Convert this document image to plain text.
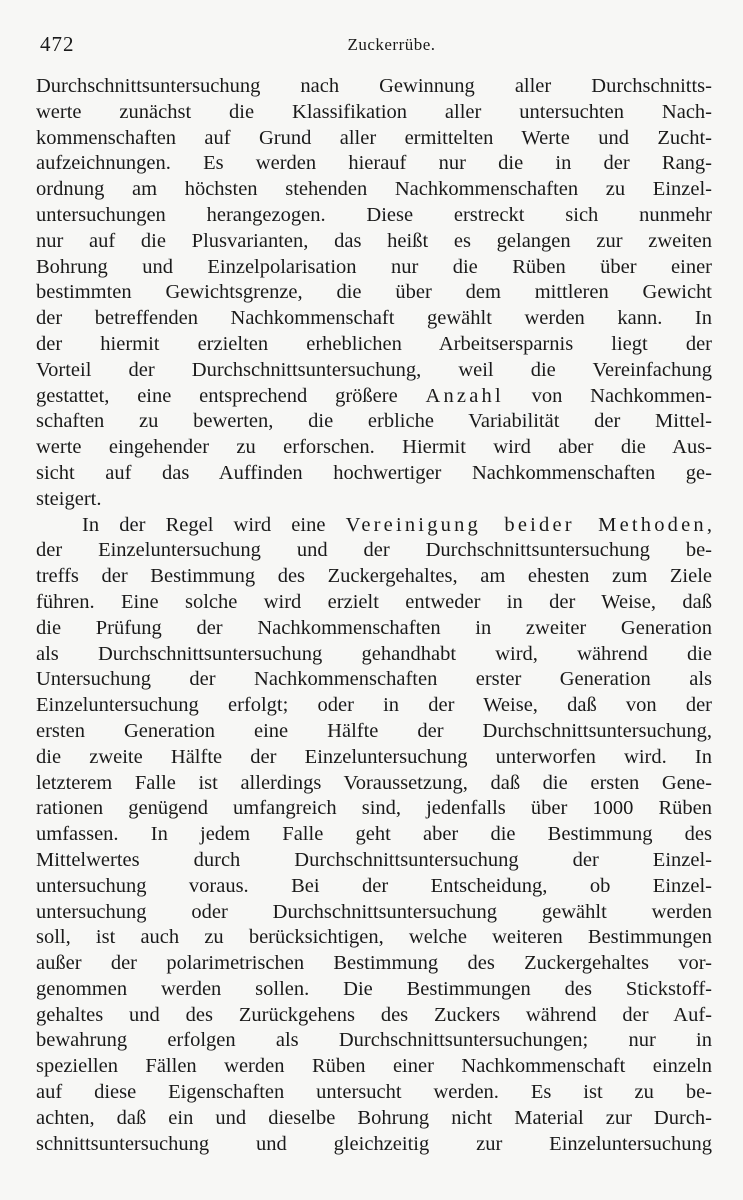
472	Zuckerrübe.
Durchschnittsuntersuchung nach Gewinnung aller Durchschnitts-
werte zunächst die Klassifikation aller untersuchten Nach-
kommenschaften auf Grund aller ermittelten Werte und Zucht-
aufzeichnungen. Es werden hierauf nur die in der Rang-
ordnung am höchsten stehenden Nachkommenschaften zu Einzel-
untersuchungen herangezogen. Diese erstreckt sich nunmehr
nur auf die Plusvarianten, das heißt es gelangen zur zweiten
Bohrung und Einzelpolarisation nur die Rüben über einer
bestimmten Gewichtsgrenze, die über dem mittleren Gewicht
der betreffenden Nachkommenschaft gewählt werden kann. In
der hiermit erzielten erheblichen Arbeitsersparnis liegt der
Vorteil der Durchschnittsuntersuchung, weil die Vereinfachung
gestattet, eine entsprechend größere Anzahl von Nachkommen-
schaften zu bewerten, die erbliche Variabilität der Mittel-
werte eingehender zu erforschen. Hiermit wird aber die Aus-
sicht auf das Auffinden hochwertiger Nachkommenschaften ge-
steigert.
In der Regel wird eine Vereinigung beider Methoden,
der Einzeluntersuchung und der Durchschnittsuntersuchung be-
treffs der Bestimmung des Zuckergehaltes, am ehesten zum Ziele
führen. Eine solche wird erzielt entweder in der Weise, daß
die Prüfung der Nachkommenschaften in zweiter Generation
als Durchschnittsuntersuchung gehandhabt wird, während die
Untersuchung der Nachkommenschaften erster Generation als
Einzeluntersuchung erfolgt; oder in der Weise, daß von der
ersten Generation eine Hälfte der Durchschnittsuntersuchung,
die zweite Hälfte der Einzeluntersuchung unterworfen wird. In
letzterem Falle ist allerdings Voraussetzung, daß die ersten Gene-
rationen genügend umfangreich sind, jedenfalls über 1000 Rüben
umfassen. In jedem Falle geht aber die Bestimmung des
Mittelwertes durch Durchschnittsuntersuchung der Einzel-
untersuchung voraus. Bei der Entscheidung, ob Einzel-
untersuchung oder Durchschnittsuntersuchung gewählt werden
soll, ist auch zu berücksichtigen, welche weiteren Bestimmungen
außer der polarimetrischen Bestimmung des Zuckergehaltes vor-
genommen werden sollen. Die Bestimmungen des Stickstoff-
gehaltes und des Zurückgehens des Zuckers während der Auf-
bewahrung erfolgen als Durchschnittsuntersuchungen; nur in
speziellen Fällen werden Rüben einer Nachkommenschaft einzeln
auf diese Eigenschaften untersucht werden. Es ist zu be-
achten, daß ein und dieselbe Bohrung nicht Material zur Durch-
schnittsuntersuchung und gleichzeitig zur Einzeluntersuchung
